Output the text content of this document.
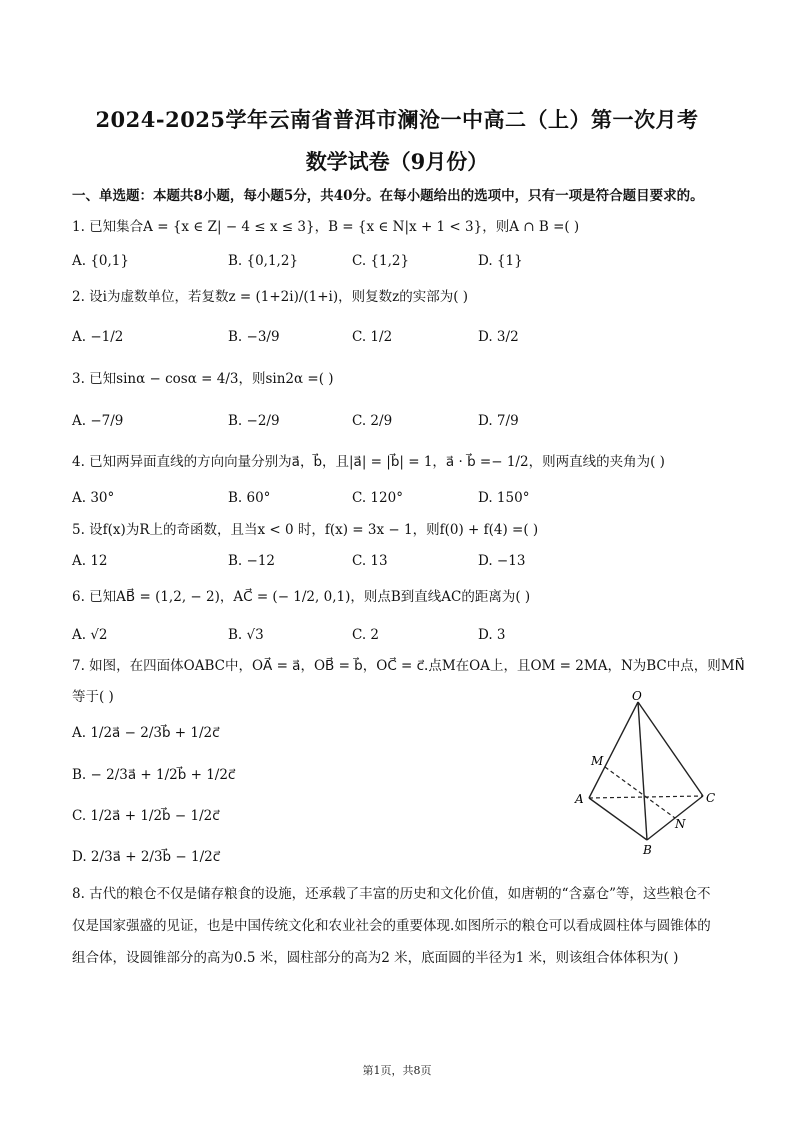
2024-2025学年云南省普洱市澜沧一中高二（上）第一次月考
数学试卷（9月份）
一、单选题：本题共8小题，每小题5分，共40分。在每小题给出的选项中，只有一项是符合题目要求的。
1. 已知集合A = {x ∈ Z| − 4 ≤ x ≤ 3}，B = {x ∈ N|x + 1 < 3}，则A ∩ B =( )
A. {0,1}	B. {0,1,2}	C. {1,2}	D. {1}
2. 设i为虚数单位，若复数z = (1+2i)/(1+i)，则复数z的实部为( )
A. −1/2	B. −3/9	C. 1/2	D. 3/2
3. 已知sinα − cosα = 4/3，则sin2α =( )
A. −7/9	B. −2/9	C. 2/9	D. 7/9
4. 已知两异面直线的方向向量分别为a⃗，b⃗，且|a⃗| = |b⃗| = 1，a⃗ · b⃗ =− 1/2，则两直线的夹角为( )
A. 30°	B. 60°	C. 120°	D. 150°
5. 设f(x)为R上的奇函数，且当x < 0 时，f(x) = 3x − 1，则f(0) + f(4) =( )
A. 12	B. −12	C. 13	D. −13
6. 已知AB⃗ = (1,2, − 2)，AC⃗ = (− 1/2, 0,1)，则点B到直线AC的距离为( )
A. √2	B. √3	C. 2	D. 3
7. 如图，在四面体OABC中，OA⃗ = a⃗，OB⃗ = b⃗，OC⃗ = c⃗.点M在OA上，且OM = 2MA，N为BC中点，则MN⃗
等于( )
A. 1/2a⃗ − 2/3b⃗ + 1/2c⃗
B. − 2/3a⃗ + 1/2b⃗ + 1/2c⃗
C. 1/2a⃗ + 1/2b⃗ − 1/2c⃗
D. 2/3a⃗ + 2/3b⃗ − 1/2c⃗
O
M
A
N
B
C
8. 古代的粮仓不仅是储存粮食的设施，还承载了丰富的历史和文化价值，如唐朝的“含嘉仓”等，这些粮仓不仅是国家强盛的见证，也是中国传统文化和农业社会的重要体现.如图所示的粮仓可以看成圆柱体与圆锥体的组合体，设圆锥部分的高为0.5 米，圆柱部分的高为2 米，底面圆的半径为1 米，则该组合体体积为( )
第1页，共8页
